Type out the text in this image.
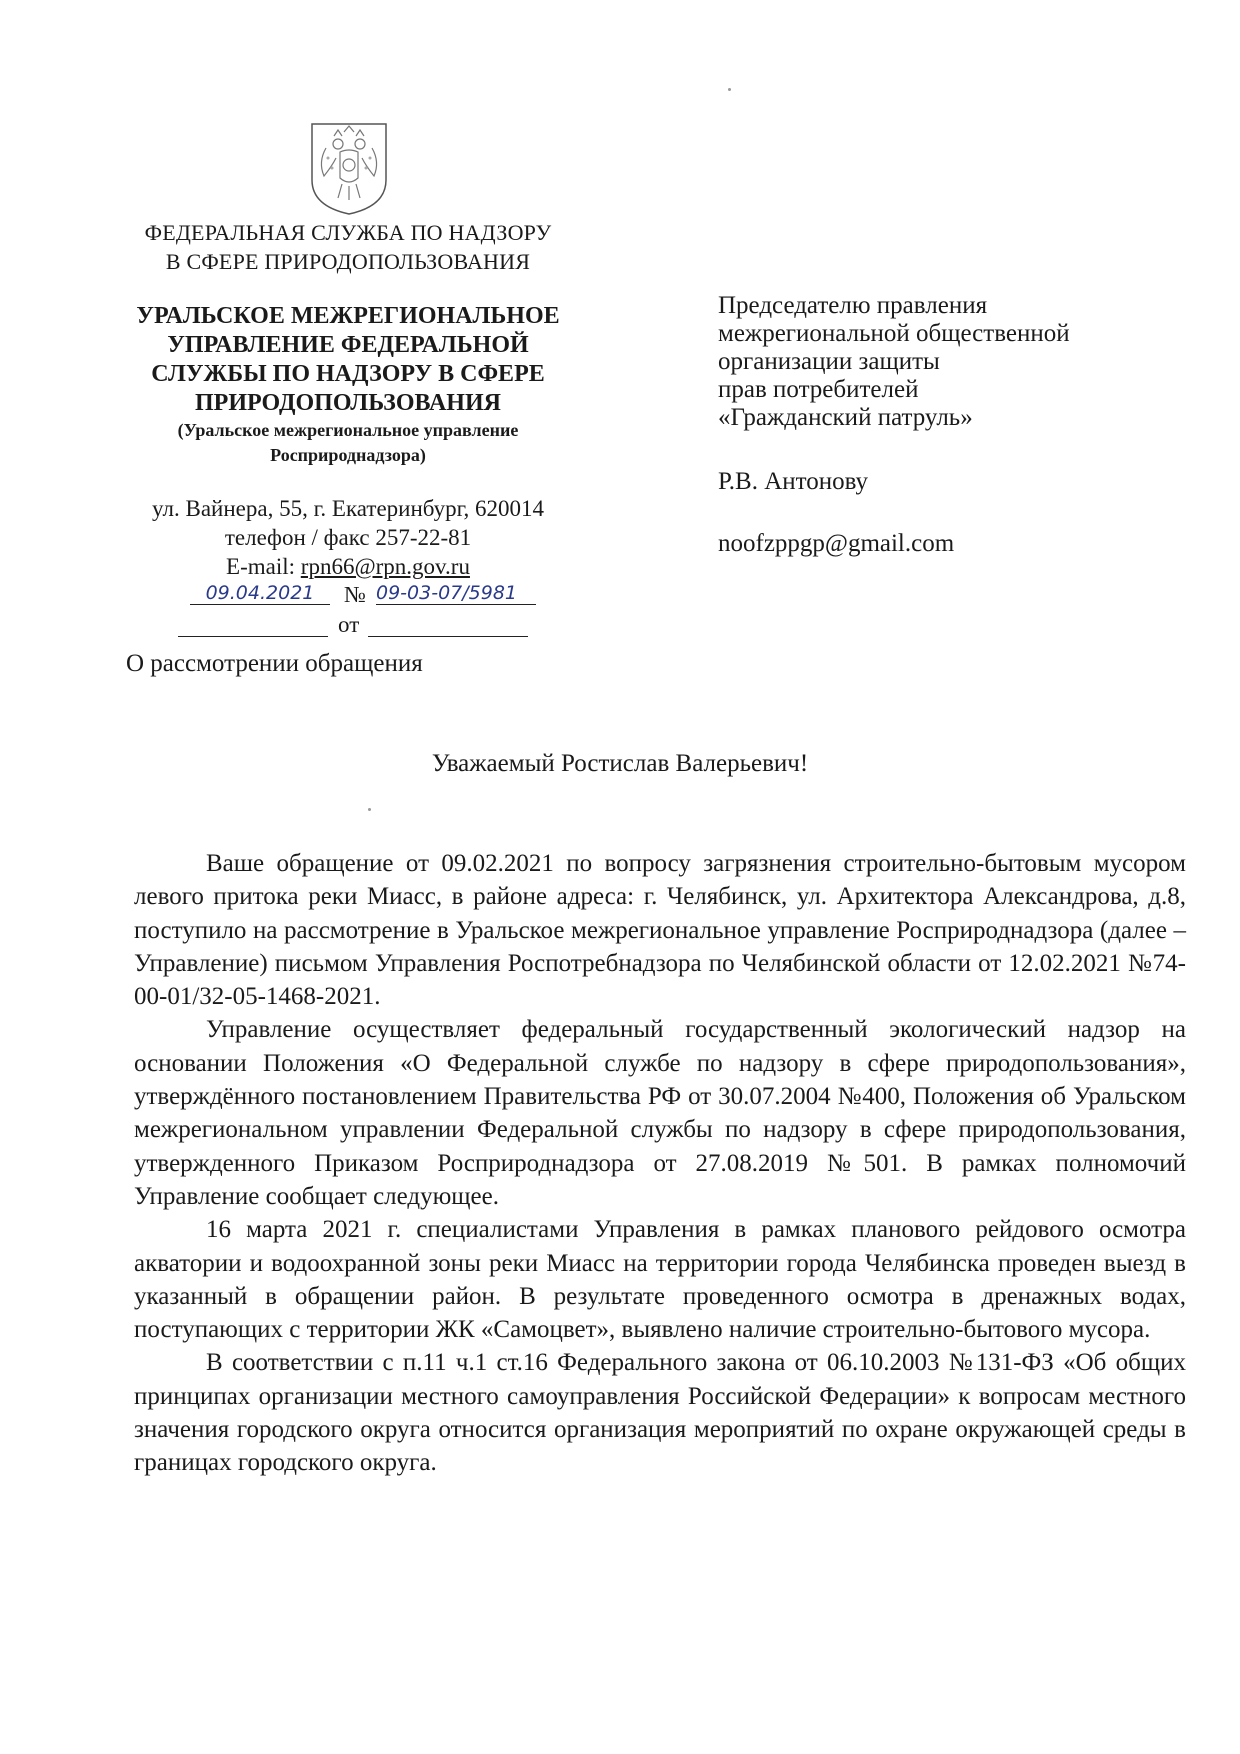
ФЕДЕРАЛЬНАЯ СЛУЖБА ПО НАДЗОРУ
В СФЕРЕ ПРИРОДОПОЛЬЗОВАНИЯ
УРАЛЬСКОЕ МЕЖРЕГИОНАЛЬНОЕ
УПРАВЛЕНИЕ ФЕДЕРАЛЬНОЙ
СЛУЖБЫ ПО НАДЗОРУ В СФЕРЕ
ПРИРОДОПОЛЬЗОВАНИЯ
(Уральское межрегиональное управление
Росприроднадзора)
ул. Вайнера, 55, г. Екатеринбург, 620014
телефон / факс 257-22-81
E-mail: rpn66@rpn.gov.ru
09.04.2021	№ 09-03-07/5981
от
О рассмотрении обращения
Председателю правления
межрегиональной общественной
организации защиты
прав потребителей
«Гражданский патруль»
Р.В. Антонову
noofzppgp@gmail.com
Уважаемый Ростислав Валерьевич!

Ваше обращение от 09.02.2021 по вопросу загрязнения строительно-бытовым мусором левого притока реки Миасс, в районе адреса: г. Челябинск, ул. Архитектора Александрова, д.8, поступило на рассмотрение в Уральское межрегиональное управление Росприроднадзора (далее – Управление) письмом Управления Роспотребнадзора по Челябинской области от 12.02.2021 №74-00-01/32-05-1468-2021.

Управление осуществляет федеральный государственный экологический надзор на основании Положения «О Федеральной службе по надзору в сфере природопользования», утверждённого постановлением Правительства РФ от 30.07.2004 №400, Положения об Уральском межрегиональном управлении Федеральной службы по надзору в сфере природопользования, утвержденного Приказом Росприроднадзора от 27.08.2019 №501. В рамках полномочий Управление сообщает следующее.

16 марта 2021 г. специалистами Управления в рамках планового рейдового осмотра акватории и водоохранной зоны реки Миасс на территории города Челябинска проведен выезд в указанный в обращении район. В результате проведенного осмотра в дренажных водах, поступающих с территории ЖК «Самоцвет», выявлено наличие строительно-бытового мусора.

В соответствии с п.11 ч.1 ст.16 Федерального закона от 06.10.2003 №131-ФЗ «Об общих принципах организации местного самоуправления Российской Федерации» к вопросам местного значения городского округа относится организация мероприятий по охране окружающей среды в границах городского округа.
